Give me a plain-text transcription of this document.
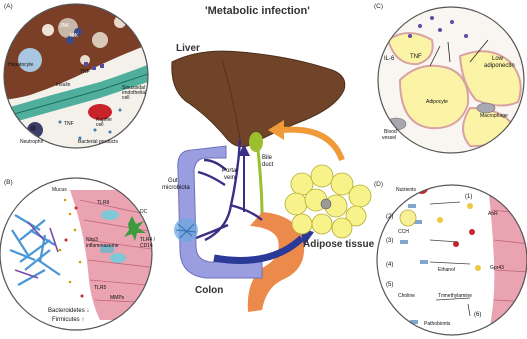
'Metabolic infection'
Liver
Bile
duct
Portal
vein
Gut
microbiota
Colon
Adipose tissue
(A)
JNK
IKK
Hepatocyte
TNF
Insulin	Sinusoidal
endothelial
cell
Kupffer
cell
TNF
Neutrophil	Bacterial products
(B)
Mucus
TLR9
DC
Nlrp3
inflammasome
TLR4 /
CD14
TLR5
MMPs
Bacteroidetes ↓
Firmicutes ↑
(C)
IL-6	TNF	Low
adiponectin
Adipocyte
Macrophage
Blood
vessel
(D)
Nutrients
(1)
(2)
(3)
(4)
(5)
(6)
AhR
CCH
Gpr43
Ethanol
Choline	Trimethylamine
Pathobionts
